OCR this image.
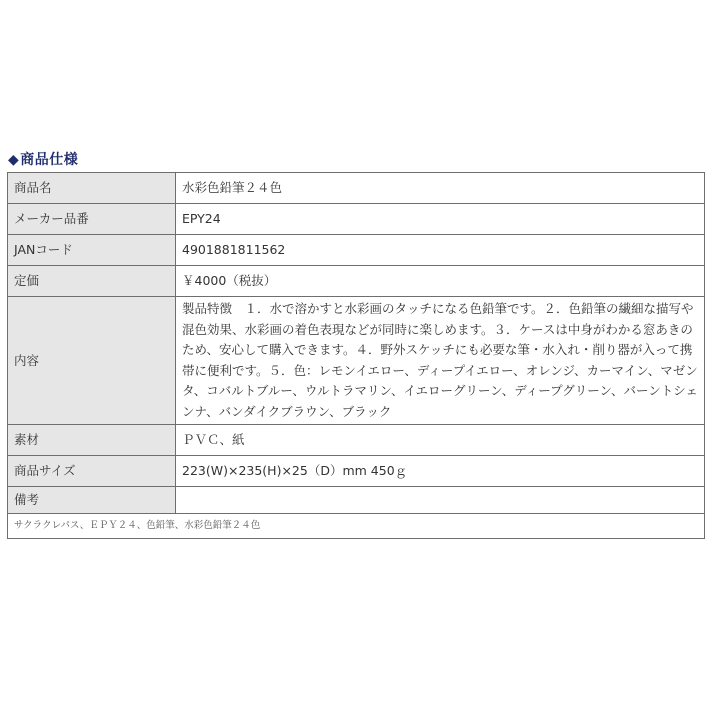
◆商品仕様
商品名	水彩色鉛筆２４色
メーカー品番	EPY24
JANコード	4901881811562
定価	￥4000（税抜）
内容	製品特徴　１．水で溶かすと水彩画のタッチになる色鉛筆です。２．色鉛筆の繊細な描写や混色効果、水彩画の着色表現などが同時に楽しめます。３．ケースは中身がわかる窓あきのため、安心して購入できます。４．野外スケッチにも必要な筆・水入れ・削り器が入って携帯に便利です。５．色：レモンイエロー、ディープイエロー、オレンジ、カーマイン、マゼンタ、コバルトブルー、ウルトラマリン、イエローグリーン、ディープグリーン、バーントシェンナ、バンダイクブラウン、ブラック
素材	ＰＶＣ、紙
商品サイズ	223(W)×235(H)×25（D）mm 450ｇ
備考	
サクラクレパス、ＥＰＹ２４、色鉛筆、水彩色鉛筆２４色	
